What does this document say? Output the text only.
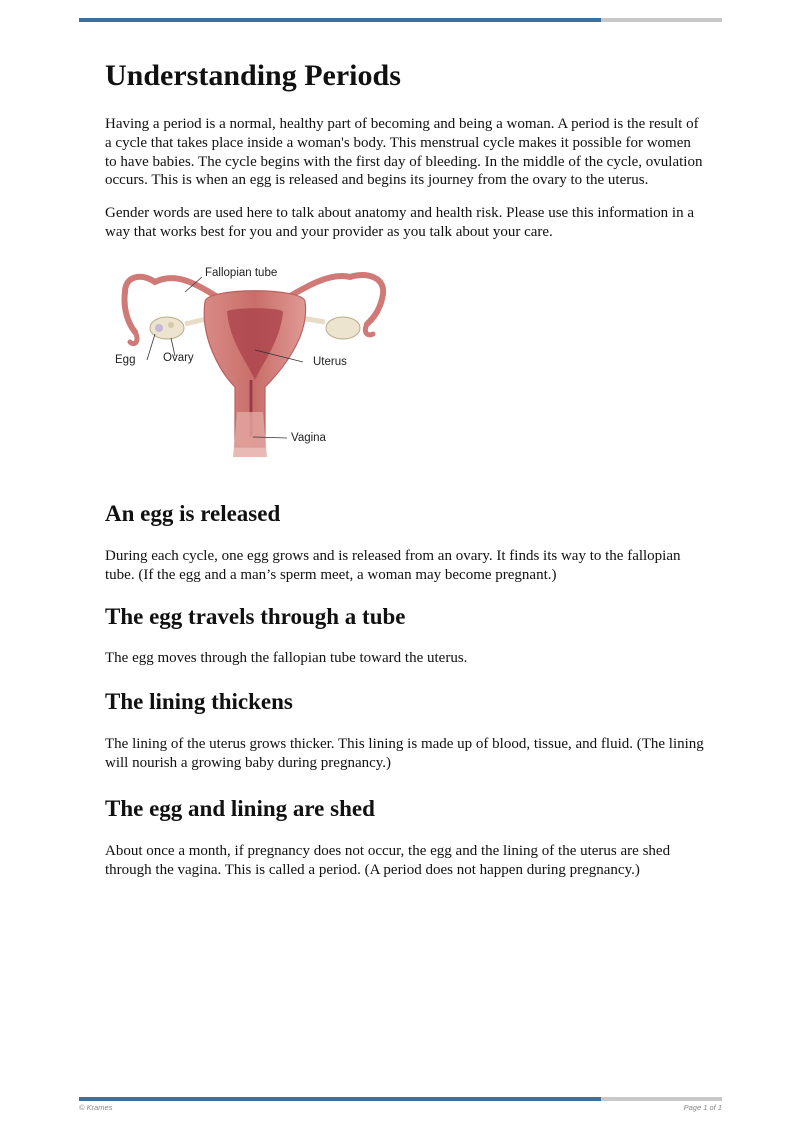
Understanding Periods

Having a period is a normal, healthy part of becoming and being a woman. A period is the result of a cycle that takes place inside a woman's body. This menstrual cycle makes it possible for women to have babies. The cycle begins with the first day of bleeding. In the middle of the cycle, ovulation occurs. This is when an egg is released and begins its journey from the ovary to the uterus.

Gender words are used here to talk about anatomy and health risk. Please use this information in a way that works best for you and your provider as you talk about your care.

Fallopian tube
Egg Ovary	Uterus
Vagina
An egg is released

During each cycle, one egg grows and is released from an ovary. It finds its way to the fallopian tube. (If the egg and a man’s sperm meet, a woman may become pregnant.)

The egg travels through a tube

The egg moves through the fallopian tube toward the uterus.

The lining thickens

The lining of the uterus grows thicker. This lining is made up of blood, tissue, and fluid. (The lining will nourish a growing baby during pregnancy.)

The egg and lining are shed

About once a month, if pregnancy does not occur, the egg and the lining of the uterus are shed through the vagina. This is called a period. (A period does not happen during pregnancy.)

© Krames	Page 1 of 1
